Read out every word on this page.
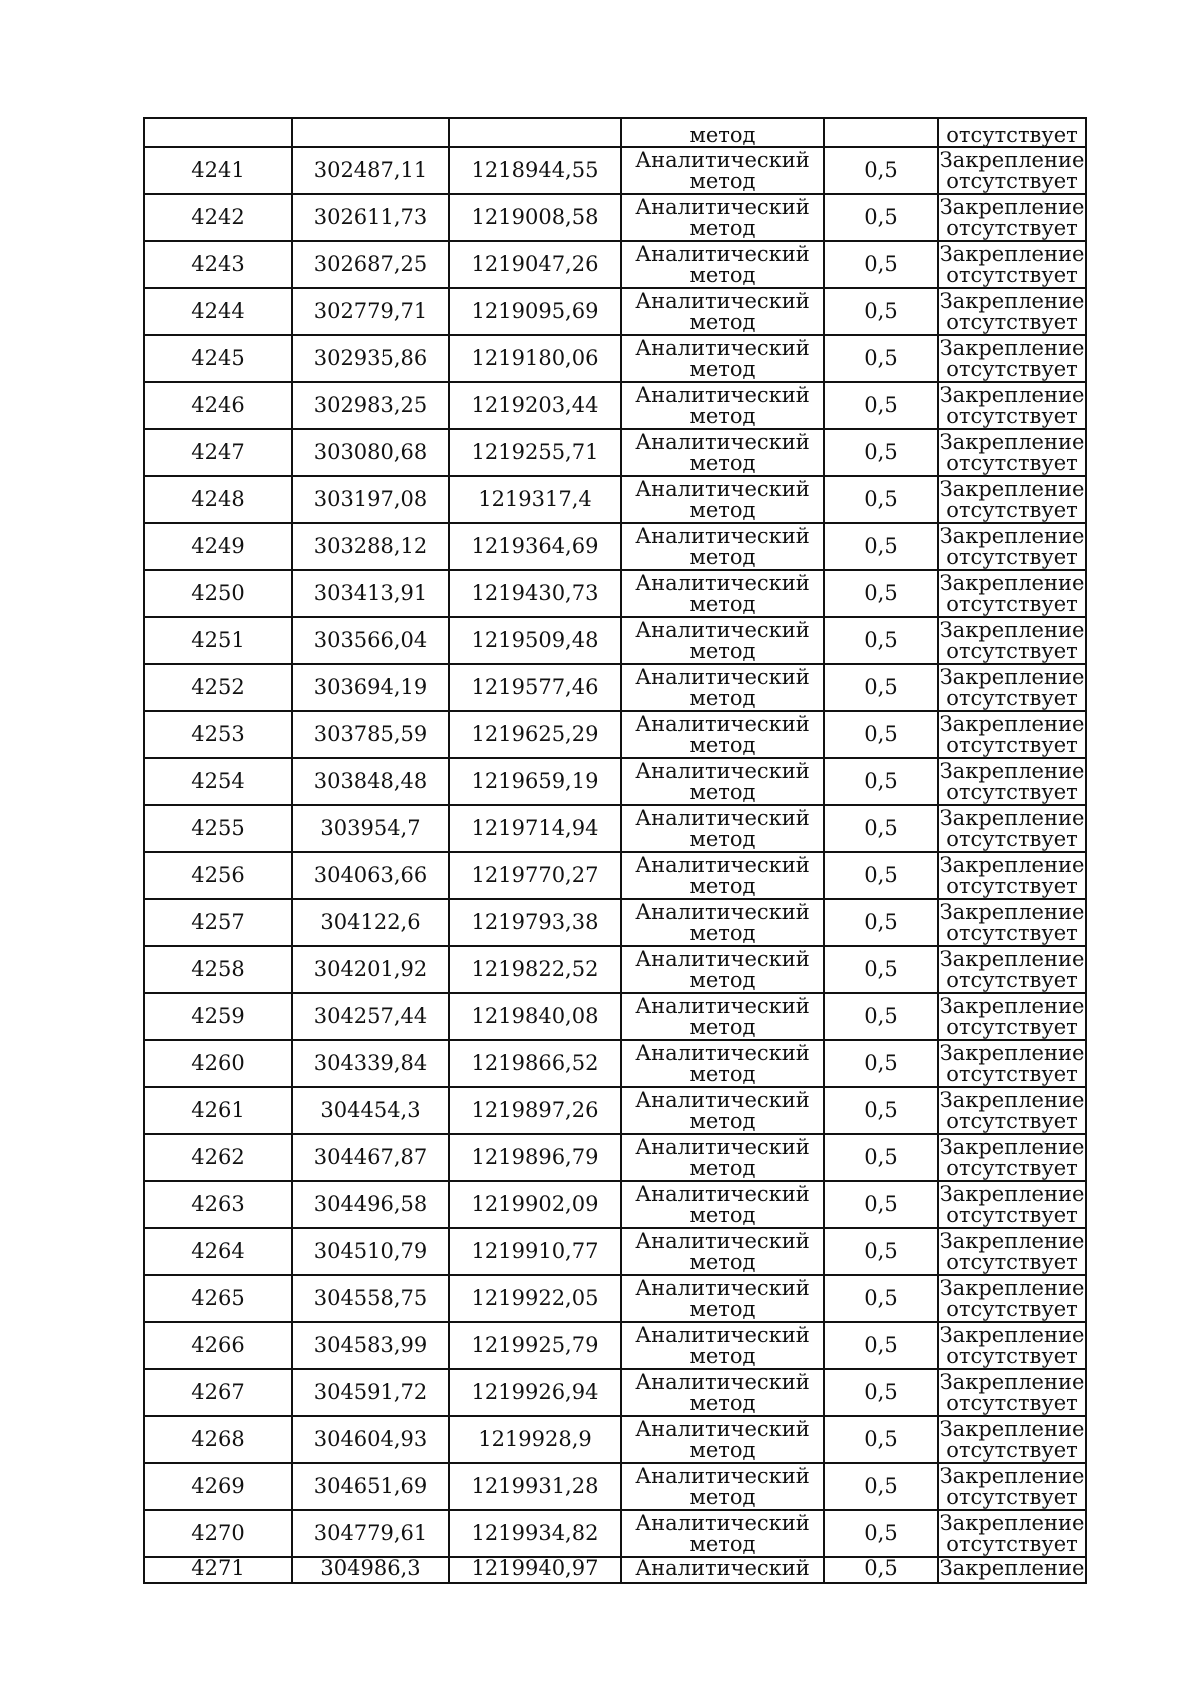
			метод		отсутствует
4241	302487,11	1218944,55	Аналитический
метод	0,5	Закрепление
отсутствует

4242	302611,73	1219008,58	Аналитический
метод	0,5	Закрепление
отсутствует

4243	302687,25	1219047,26	Аналитический
метод	0,5	Закрепление
отсутствует

4244	302779,71	1219095,69	Аналитический
метод	0,5	Закрепление
отсутствует

4245	302935,86	1219180,06	Аналитический
метод	0,5	Закрепление
отсутствует

4246	302983,25	1219203,44	Аналитический
метод	0,5	Закрепление
отсутствует

4247	303080,68	1219255,71	Аналитический
метод	0,5	Закрепление
отсутствует

4248	303197,08	1219317,4	Аналитический
метод	0,5	Закрепление
отсутствует

4249	303288,12	1219364,69	Аналитический
метод	0,5	Закрепление
отсутствует

4250	303413,91	1219430,73	Аналитический
метод	0,5	Закрепление
отсутствует

4251	303566,04	1219509,48	Аналитический
метод	0,5	Закрепление
отсутствует

4252	303694,19	1219577,46	Аналитический
метод	0,5	Закрепление
отсутствует

4253	303785,59	1219625,29	Аналитический
метод	0,5	Закрепление
отсутствует

4254	303848,48	1219659,19	Аналитический
метод	0,5	Закрепление
отсутствует

4255	303954,7	1219714,94	Аналитический
метод	0,5	Закрепление
отсутствует

4256	304063,66	1219770,27	Аналитический
метод	0,5	Закрепление
отсутствует

4257	304122,6	1219793,38	Аналитический
метод	0,5	Закрепление
отсутствует

4258	304201,92	1219822,52	Аналитический
метод	0,5	Закрепление
отсутствует

4259	304257,44	1219840,08	Аналитический
метод	0,5	Закрепление
отсутствует

4260	304339,84	1219866,52	Аналитический
метод	0,5	Закрепление
отсутствует

4261	304454,3	1219897,26	Аналитический
метод	0,5	Закрепление
отсутствует

4262	304467,87	1219896,79	Аналитический
метод	0,5	Закрепление
отсутствует

4263	304496,58	1219902,09	Аналитический
метод	0,5	Закрепление
отсутствует

4264	304510,79	1219910,77	Аналитический
метод	0,5	Закрепление
отсутствует

4265	304558,75	1219922,05	Аналитический
метод	0,5	Закрепление
отсутствует

4266	304583,99	1219925,79	Аналитический
метод	0,5	Закрепление
отсутствует

4267	304591,72	1219926,94	Аналитический
метод	0,5	Закрепление
отсутствует

4268	304604,93	1219928,9	Аналитический
метод	0,5	Закрепление
отсутствует

4269	304651,69	1219931,28	Аналитический
метод	0,5	Закрепление
отсутствует

4270	304779,61	1219934,82	Аналитический
метод	0,5	Закрепление
отсутствует

4271	304986,3	1219940,97	Аналитический	0,5	Закрепление
